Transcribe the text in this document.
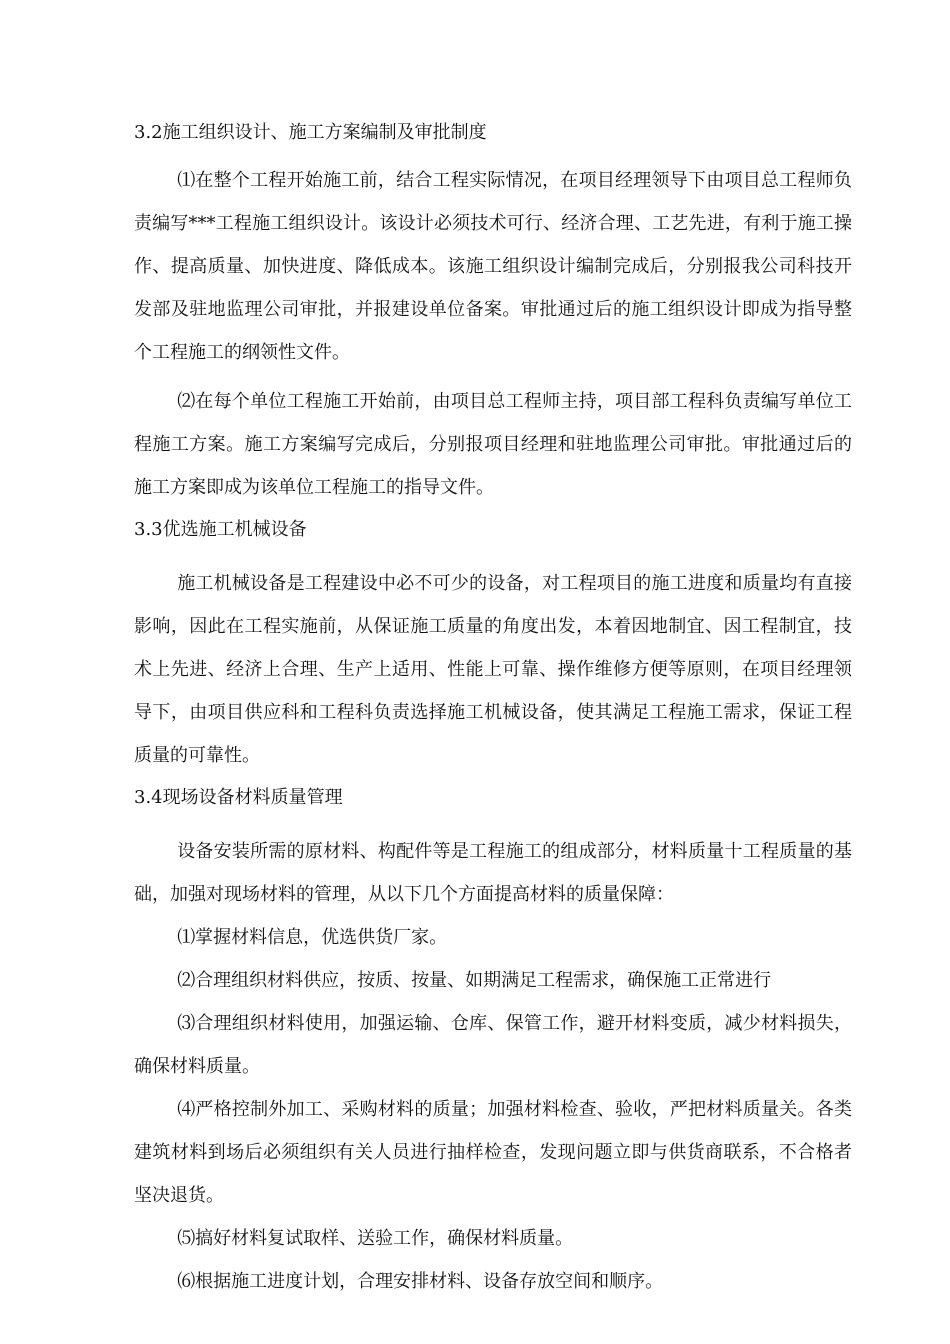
3.2施工组织设计、施工方案编制及审批制度

⑴在整个工程开始施工前，结合工程实际情况，在项目经理领导下由项目总工程师负责编写***工程施工组织设计。该设计必须技术可行、经济合理、工艺先进，有利于施工操作、提高质量、加快进度、降低成本。该施工组织设计编制完成后，分别报我公司科技开发部及驻地监理公司审批，并报建设单位备案。审批通过后的施工组织设计即成为指导整个工程施工的纲领性文件。

⑵在每个单位工程施工开始前，由项目总工程师主持，项目部工程科负责编写单位工程施工方案。施工方案编写完成后，分别报项目经理和驻地监理公司审批。审批通过后的施工方案即成为该单位工程施工的指导文件。

3.3优选施工机械设备

施工机械设备是工程建设中必不可少的设备，对工程项目的施工进度和质量均有直接影响，因此在工程实施前，从保证施工质量的角度出发，本着因地制宜、因工程制宜，技术上先进、经济上合理、生产上适用、性能上可靠、操作维修方便等原则，在项目经理领导下，由项目供应科和工程科负责选择施工机械设备，使其满足工程施工需求，保证工程质量的可靠性。

3.4现场设备材料质量管理

设备安装所需的原材料、构配件等是工程施工的组成部分，材料质量十工程质量的基础，加强对现场材料的管理，从以下几个方面提高材料的质量保障：

⑴掌握材料信息，优选供货厂家。

⑵合理组织材料供应，按质、按量、如期满足工程需求，确保施工正常进行

⑶合理组织材料使用，加强运输、仓库、保管工作，避开材料变质，减少材料损失，确保材料质量。

⑷严格控制外加工、采购材料的质量；加强材料检查、验收，严把材料质量关。各类建筑材料到场后必须组织有关人员进行抽样检查，发现问题立即与供货商联系，不合格者坚决退货。

⑸搞好材料复试取样、送验工作，确保材料质量。

⑹根据施工进度计划，合理安排材料、设备存放空间和顺序。
